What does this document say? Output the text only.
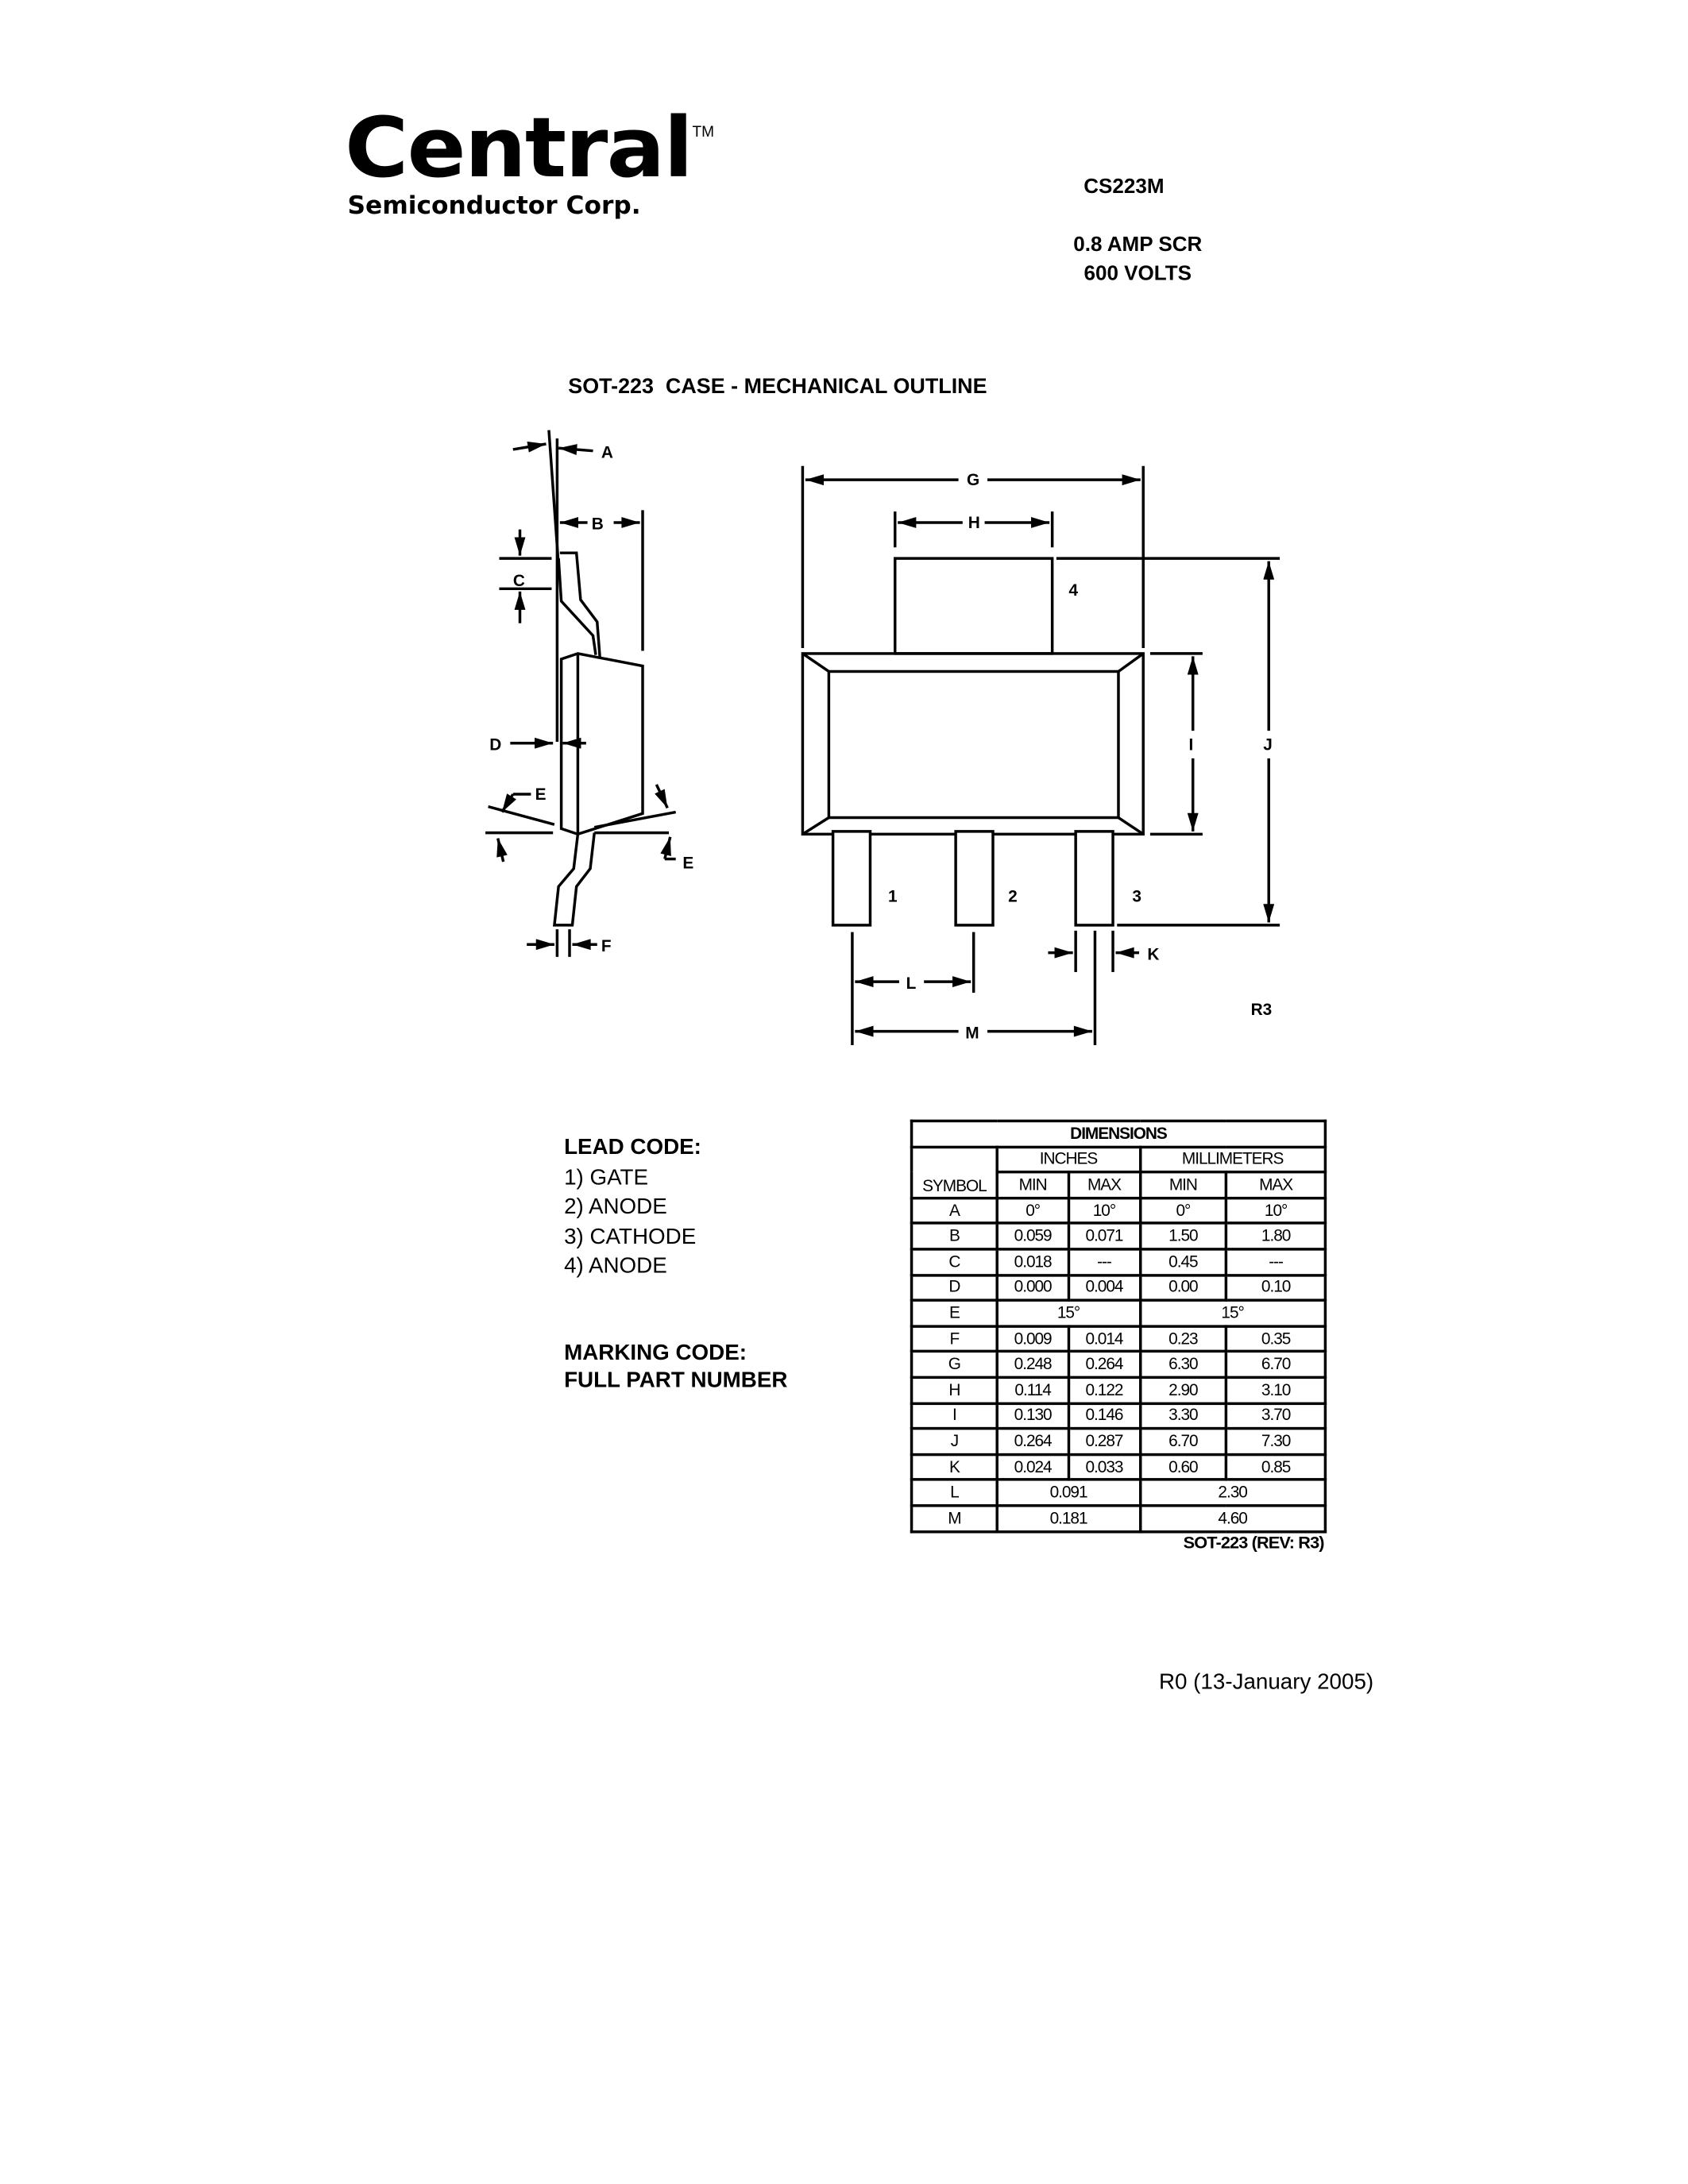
Central TM
Semiconductor Corp.
CS223M
0.8 AMP SCR
600 VOLTS
SOT-223  CASE - MECHANICAL OUTLINE
A
B
C
D
E
E
F
G
H
I	J
K
L
M
4
1	2	3
R3
LEAD CODE:
1) GATE
2) ANODE
3) CATHODE
4) ANODE
MARKING CODE:
FULL PART NUMBER
DIMENSIONS				
SYMBOL	INCHES		MILLIMETERS	
	MIN	MAX	MIN	MAX
A	0°	10°	0°	10°
B	0.059	0.071	1.50	1.80
C	0.018	---	0.45	---
D	0.000	0.004	0.00	0.10
E	15°		15°	
F	0.009	0.014	0.23	0.35
G	0.248	0.264	6.30	6.70
H	0.114	0.122	2.90	3.10
I	0.130	0.146	3.30	3.70
J	0.264	0.287	6.70	7.30
K	0.024	0.033	0.60	0.85
L	0.091		2.30	
M	0.181		4.60	
SOT-223 (REV: R3)
R0 (13-January 2005)
